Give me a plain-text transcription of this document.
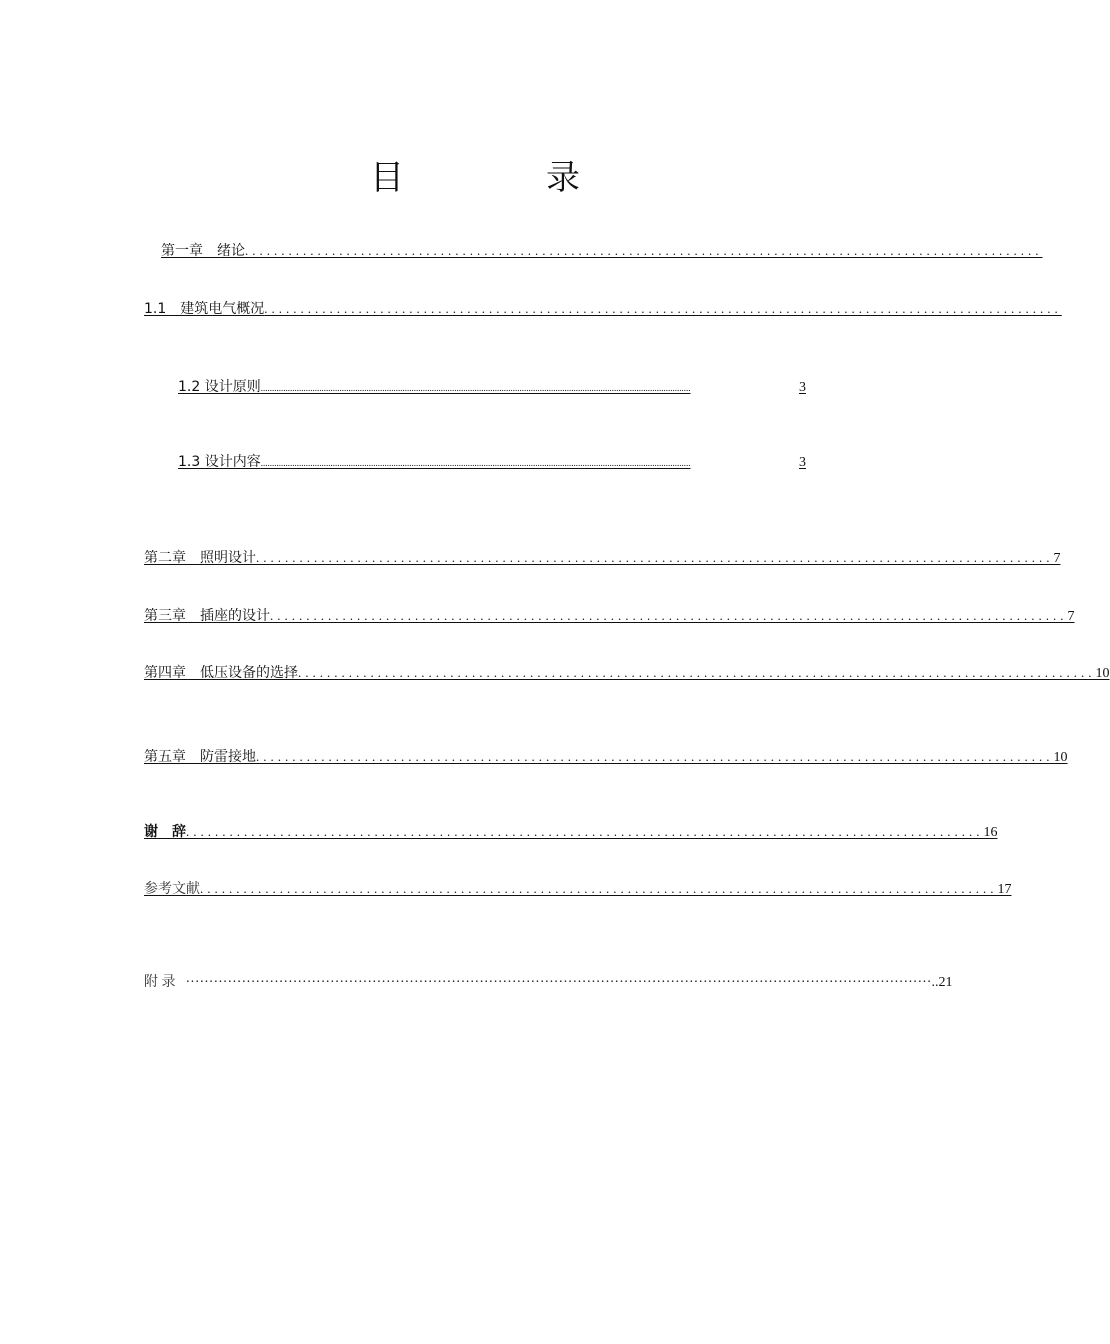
目　录
第一章　绪论 ..............................................................................................................
1.1　建筑电气概况 ..............................................................................................................
1.2 设计原则 ...............................................................................................................................................................................................	3
1.3 设计内容 ...............................................................................................................................................................................................	3
第二章　照明设计 .............................................................................................................. 7
第三章　插座的设计 .............................................................................................................. 7
第四章　低压设备的选择 .............................................................................................................. 10
第五章　防雷接地 .............................................................................................................. 10
谢　辞 .............................................................................................................. 16
参考文献 .............................................................................................................. 17
附 录 ································································································································································ ..21
